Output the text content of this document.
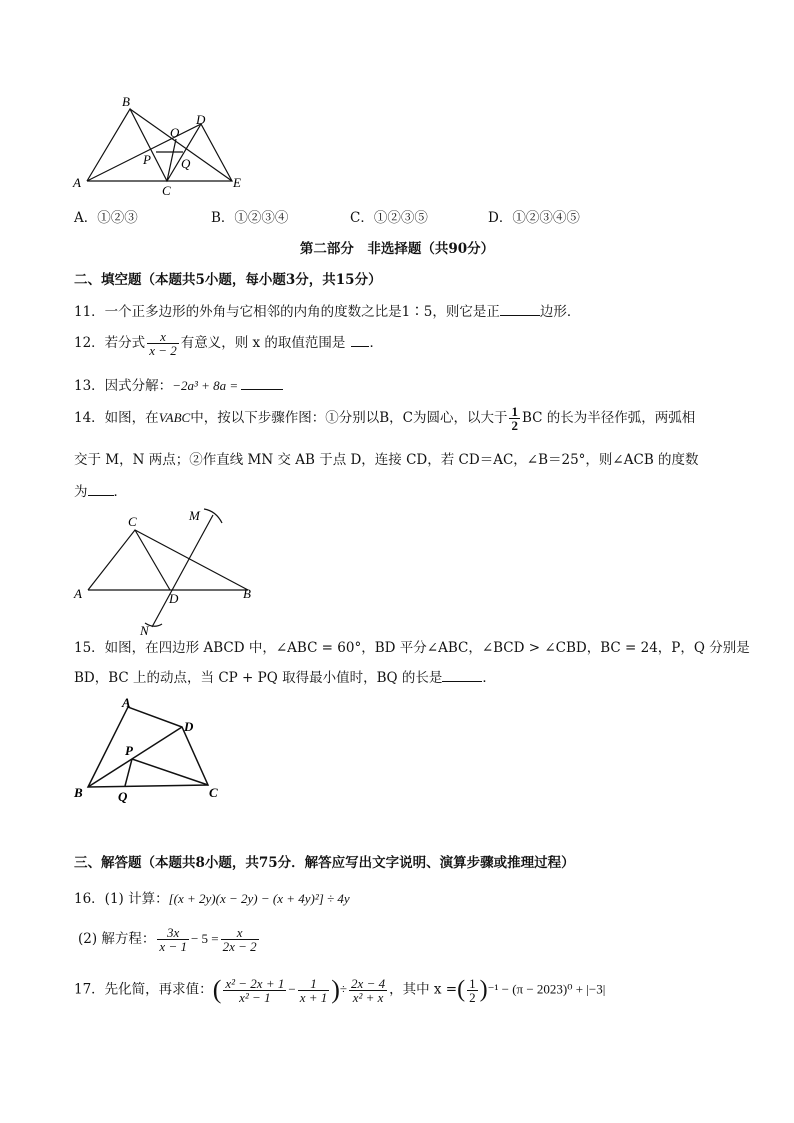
B
O
D
P Q
A
C
E
A．①②③	B．①②③④	C．①②③⑤	D．①②③④⑤
第二部分　非选择题（共90分）
二、填空题（本题共5小题，每小题3分，共15分）
11．一个正多边形的外角与它相邻的内角的度数之比是1∶5，则它是正	边形．
12．若分式 $\frac{x}{x - 2}$ 有意义，则 x 的取值范围是 ．
13．因式分解：−2a³ + 8a =
14．如图，在VABC中，按以下步骤作图：①分别以B，C为圆心，以大于 $\frac{1}{2}$ BC 的长为半径作弧，两弧相
交于 M，N 两点；②作直线 MN 交 AB 于点 D，连接 CD，若 CD＝AC，∠B＝25°，则∠ACB 的度数
为 ．
C	M
A	D	B
N
15．如图，在四边形 ABCD 中，∠ABC = 60°，BD 平分∠ABC，∠BCD > ∠CBD，BC = 24，P，Q 分别是
BD，BC 上的动点，当 CP + PQ 取得最小值时，BQ 的长是	．
A
D
P
B	Q	C
三、解答题（本题共8小题，共75分．解答应写出文字说明、演算步骤或推理过程）
16．(1) 计算：[(x + 2y)(x − 2y) − (x + 4y)²] ÷ 4y
(2) 解方程： $\frac{3x}{x - 1} - 5 = \frac{x}{2x - 2}$
17．先化简，再求值：( $\frac{\text{x² − 2x + 1}}{\text{x² − 1}} - \frac{1}{x + 1}$ )÷ $\frac{2x - 4}{\text{x² + x}}$ ，其中 x =( $\frac{1}{2} )^{-1} - (\pi - 2023)^0 + |-3|$
